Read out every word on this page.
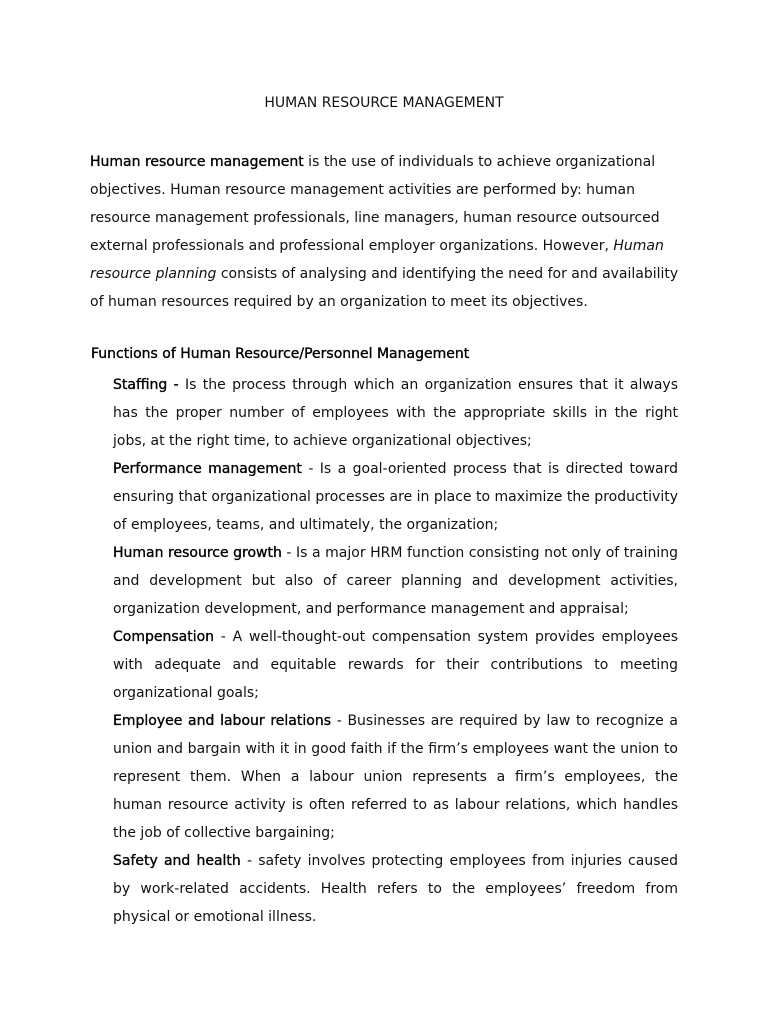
HUMAN RESOURCE MANAGEMENT

Human resource management is the use of individuals to achieve organizational objectives. Human resource management activities are performed by: human resource management professionals, line managers, human resource outsourced external professionals and professional employer organizations. However, Human resource planning consists of analysing and identifying the need for and availability of human resources required by an organization to meet its objectives.

Functions of Human Resource/Personnel Management
Staffing - Is the process through which an organization ensures that it always has the proper number of employees with the appropriate skills in the right jobs, at the right time, to achieve organizational objectives;
Performance management - Is a goal-oriented process that is directed toward ensuring that organizational processes are in place to maximize the productivity of employees, teams, and ultimately, the organization;
Human resource growth - Is a major HRM function consisting not only of training and development but also of career planning and development activities, organization development, and performance management and appraisal;
Compensation - A well-thought-out compensation system provides employees with adequate and equitable rewards for their contributions to meeting organizational goals;
Employee and labour relations - Businesses are required by law to recognize a union and bargain with it in good faith if the firm’s employees want the union to represent them. When a labour union represents a firm’s employees, the human resource activity is often referred to as labour relations, which handles the job of collective bargaining;
Safety and health - safety involves protecting employees from injuries caused by work-related accidents. Health refers to the employees’ freedom from physical or emotional illness.
